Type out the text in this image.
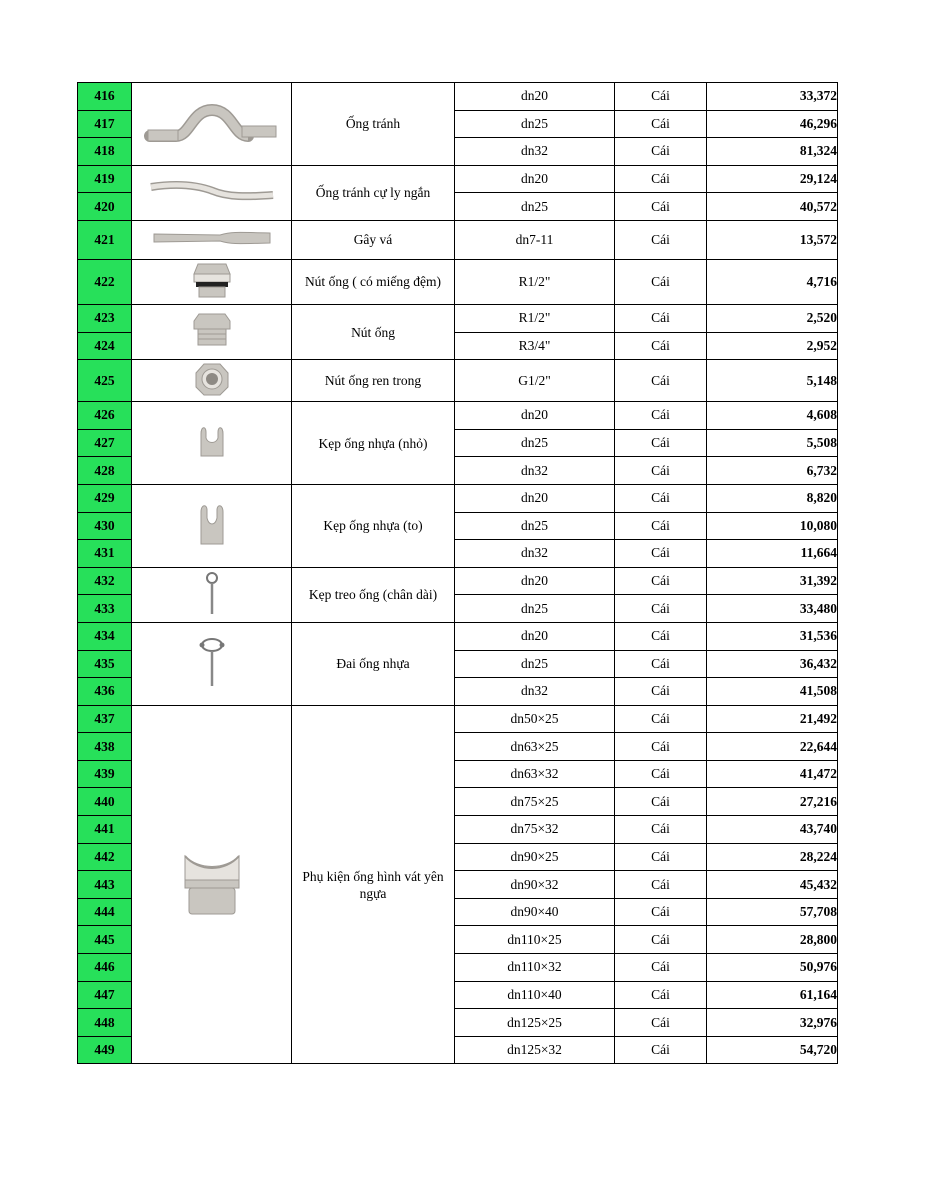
416		Ống tránh	dn20	Cái	33,372
417			dn25	Cái	46,296
418			dn32	Cái	81,324
419		Ống tránh cự ly ngắn	dn20	Cái	29,124
420			dn25	Cái	40,572
421		Gây vá	dn7-11	Cái	13,572
422		Nút ống ( có miếng đệm)	R1/2"	Cái	4,716
423		Nút ống	R1/2"	Cái	2,520
424			R3/4"	Cái	2,952
425		Nút ống ren trong	G1/2"	Cái	5,148
426		Kẹp ống nhựa (nhỏ)	dn20	Cái	4,608
427			dn25	Cái	5,508
428			dn32	Cái	6,732
429		Kẹp ống nhựa (to)	dn20	Cái	8,820
430			dn25	Cái	10,080
431			dn32	Cái	11,664
432		Kẹp treo ống (chân dài)	dn20	Cái	31,392
433			dn25	Cái	33,480
434		Đai ống nhựa	dn20	Cái	31,536
435			dn25	Cái	36,432
436			dn32	Cái	41,508
437		Phụ kiện ống hình vát yên ngựa	dn50×25	Cái	21,492
438			dn63×25	Cái	22,644
439			dn63×32	Cái	41,472
440			dn75×25	Cái	27,216
441			dn75×32	Cái	43,740
442			dn90×25	Cái	28,224
443			dn90×32	Cái	45,432
444			dn90×40	Cái	57,708
445			dn110×25	Cái	28,800
446			dn110×32	Cái	50,976
447			dn110×40	Cái	61,164
448			dn125×25	Cái	32,976
449			dn125×32	Cái	54,720
